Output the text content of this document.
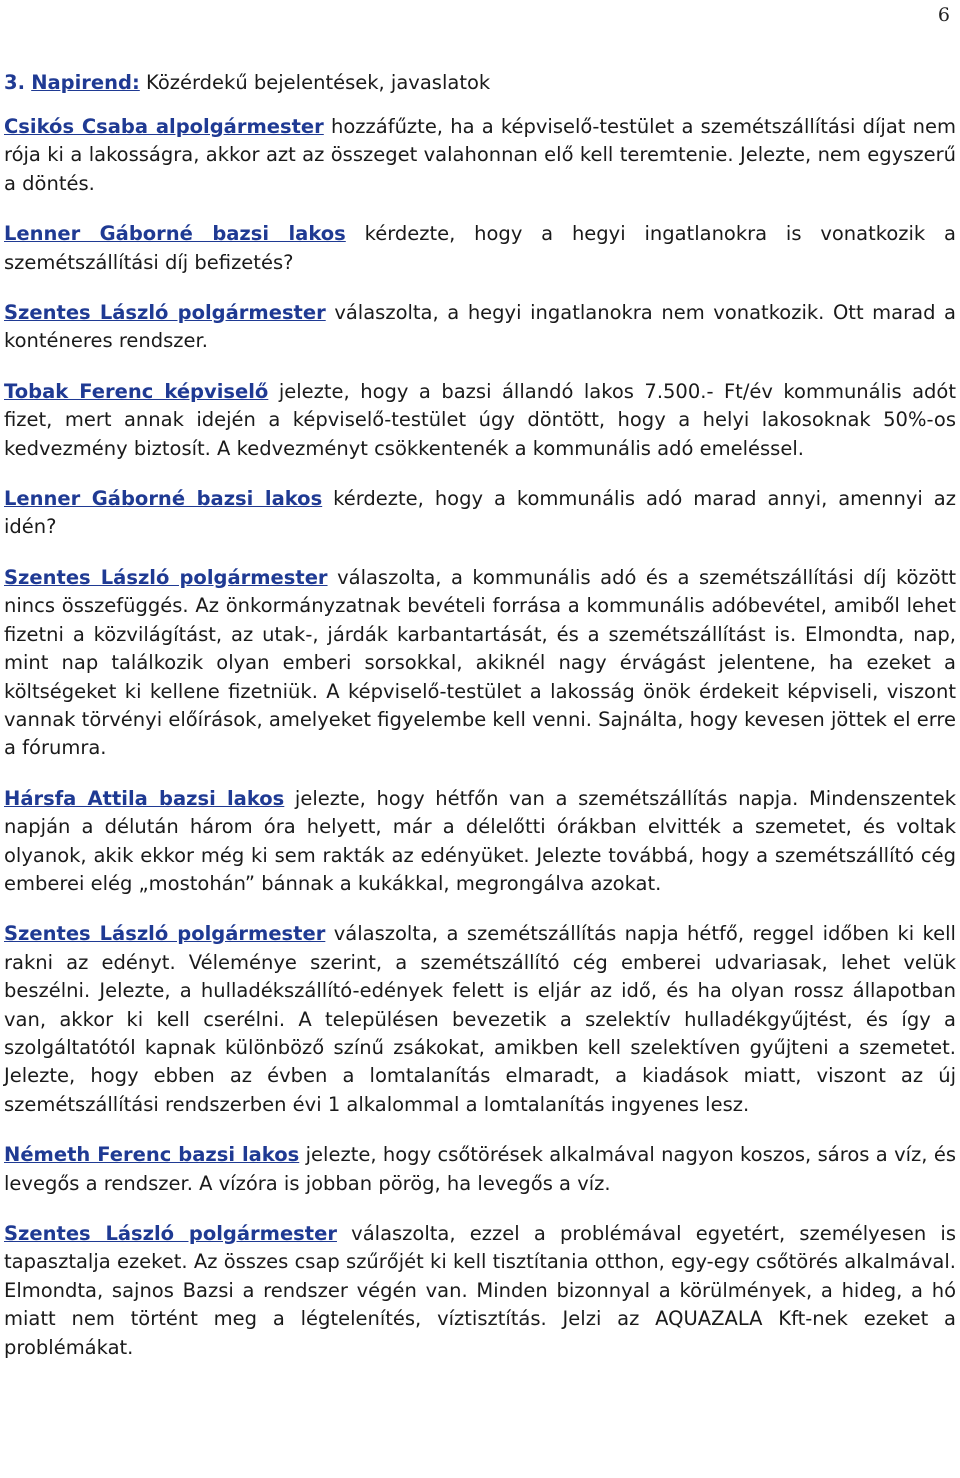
6

3. Napirend: Közérdekű bejelentések, javaslatok

Csikós Csaba alpolgármester hozzáfűzte, ha a képviselő-testület a szemétszállítási díjat nem rója ki a lakosságra, akkor azt az összeget valahonnan elő kell teremtenie. Jelezte, nem egyszerű a döntés.

Lenner Gáborné bazsi lakos kérdezte, hogy a hegyi ingatlanokra is vonatkozik a szemétszállítási díj befizetés?

Szentes László polgármester válaszolta, a hegyi ingatlanokra nem vonatkozik. Ott marad a konténeres rendszer.

Tobak Ferenc képviselő jelezte, hogy a bazsi állandó lakos 7.500.- Ft/év kommunális adót fizet, mert annak idején a képviselő-testület úgy döntött, hogy a helyi lakosoknak 50%-os kedvezmény biztosít. A kedvezményt csökkentenék a kommunális adó emeléssel.

Lenner Gáborné bazsi lakos kérdezte, hogy a kommunális adó marad annyi, amennyi az idén?

Szentes László polgármester válaszolta, a kommunális adó és a szemétszállítási díj között nincs összefüggés. Az önkormányzatnak bevételi forrása a kommunális adóbevétel, amiből lehet fizetni a közvilágítást, az utak-, járdák karbantartását, és a szemétszállítást is. Elmondta, nap, mint nap találkozik olyan emberi sorsokkal, akiknél nagy érvágást jelentene, ha ezeket a költségeket ki kellene fizetniük. A képviselő-testület a lakosság önök érdekeit képviseli, viszont vannak törvényi előírások, amelyeket figyelembe kell venni. Sajnálta, hogy kevesen jöttek el erre a fórumra.

Hársfa Attila bazsi lakos jelezte, hogy hétfőn van a szemétszállítás napja. Mindenszentek napján a délután három óra helyett, már a délelőtti órákban elvitték a szemetet, és voltak olyanok, akik ekkor még ki sem rakták az edényüket. Jelezte továbbá, hogy a szemétszállító cég emberei elég „mostohán” bánnak a kukákkal, megrongálva azokat.

Szentes László polgármester válaszolta, a szemétszállítás napja hétfő, reggel időben ki kell rakni az edényt. Véleménye szerint, a szemétszállító cég emberei udvariasak, lehet velük beszélni. Jelezte, a hulladékszállító-edények felett is eljár az idő, és ha olyan rossz állapotban van, akkor ki kell cserélni. A településen bevezetik a szelektív hulladékgyűjtést, és így a szolgáltatótól kapnak különböző színű zsákokat, amikben kell szelektíven gyűjteni a szemetet. Jelezte, hogy ebben az évben a lomtalanítás elmaradt, a kiadások miatt, viszont az új szemétszállítási rendszerben évi 1 alkalommal a lomtalanítás ingyenes lesz.

Németh Ferenc bazsi lakos jelezte, hogy csőtörések alkalmával nagyon koszos, sáros a víz, és levegős a rendszer. A vízóra is jobban pörög, ha levegős a víz.

Szentes László polgármester válaszolta, ezzel a problémával egyetért, személyesen is tapasztalja ezeket. Az összes csap szűrőjét ki kell tisztítania otthon, egy-egy csőtörés alkalmával. Elmondta, sajnos Bazsi a rendszer végén van. Minden bizonnyal a körülmények, a hideg, a hó miatt nem történt meg a légtelenítés, víztisztítás. Jelzi az AQUAZALA Kft-nek ezeket a problémákat.
